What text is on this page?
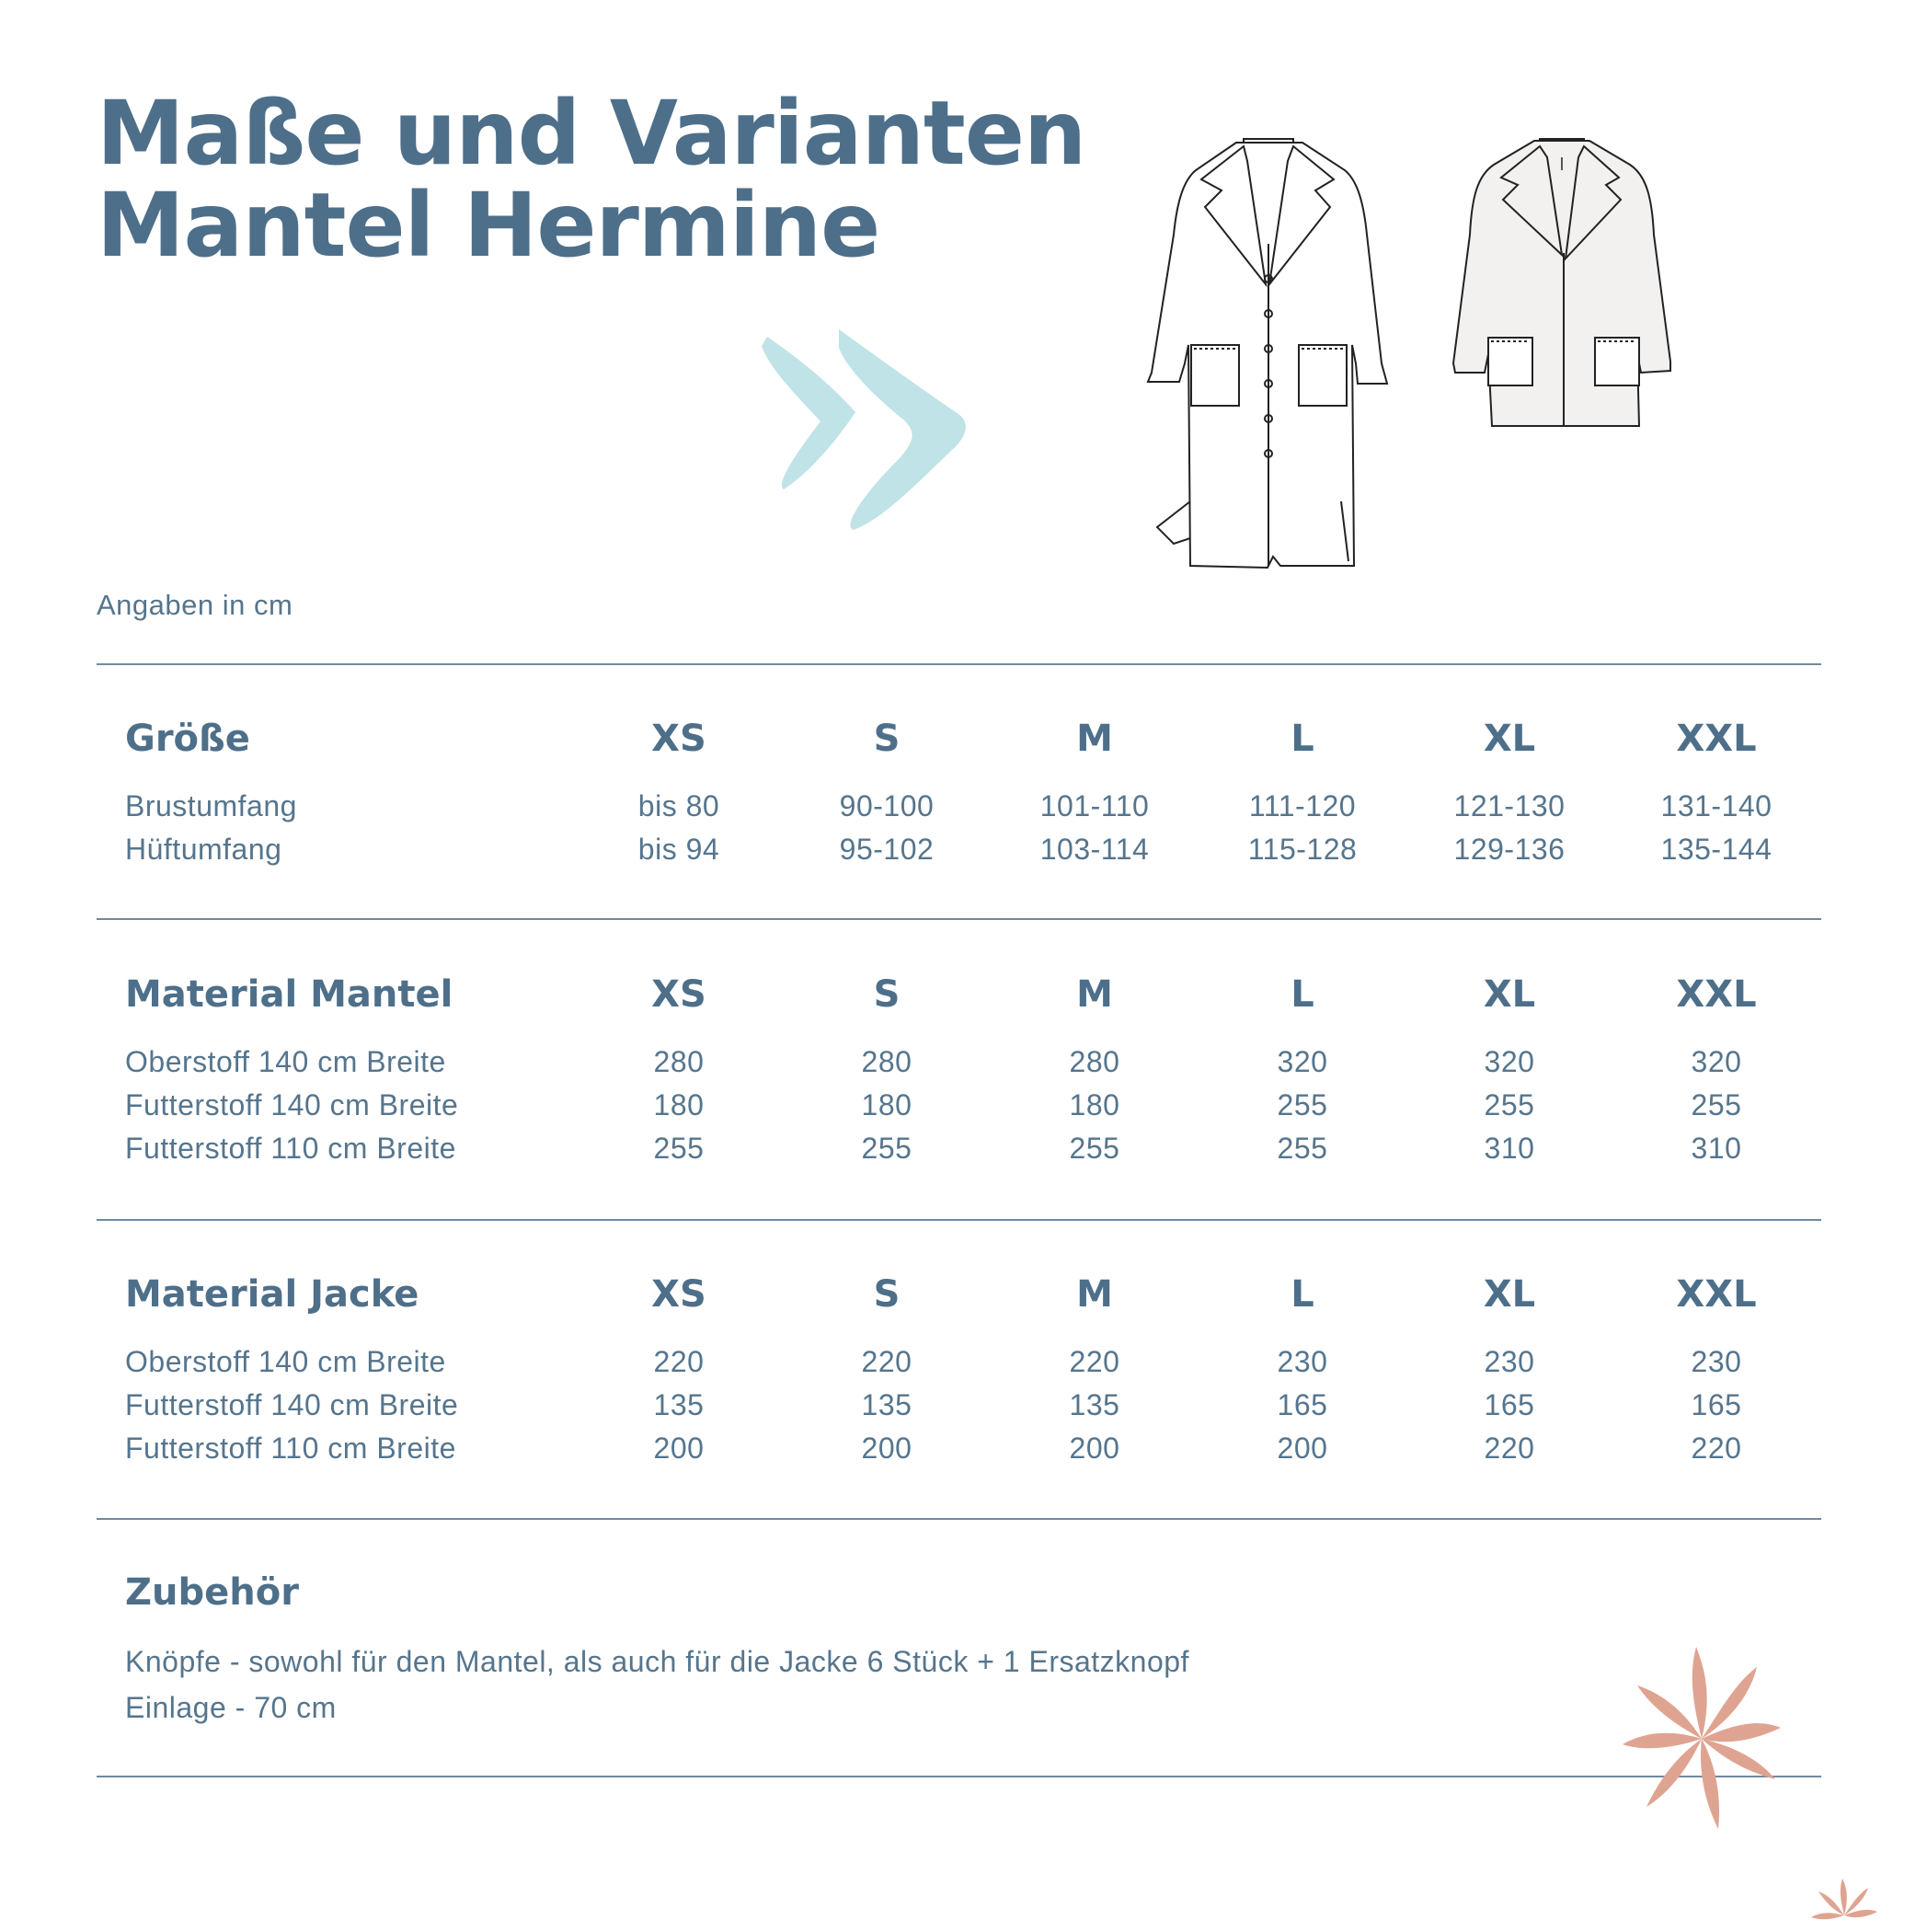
Maße und Varianten
Mantel Hermine
Angaben in cm
Größe	XS	S	M	L	XL	XXL
Brustumfang	bis 80	90-100	101-110	111-120	121-130	131-140
Hüftumfang	bis 94	95-102	103-114	115-128	129-136	135-144
Material Mantel	XS	S	M	L	XL	XXL
Oberstoff 140 cm Breite	280	280	280	320	320	320
Futterstoff 140 cm Breite	180	180	180	255	255	255
Futterstoff 110 cm Breite	255	255	255	255	310	310
Material Jacke	XS	S	M	L	XL	XXL
Oberstoff 140 cm Breite	220	220	220	230	230	230
Futterstoff 140 cm Breite	135	135	135	165	165	165
Futterstoff 110 cm Breite	200	200	200	200	220	220
Zubehör
Knöpfe - sowohl für den Mantel, als auch für die Jacke 6 Stück + 1 Ersatzknopf
Einlage - 70 cm
